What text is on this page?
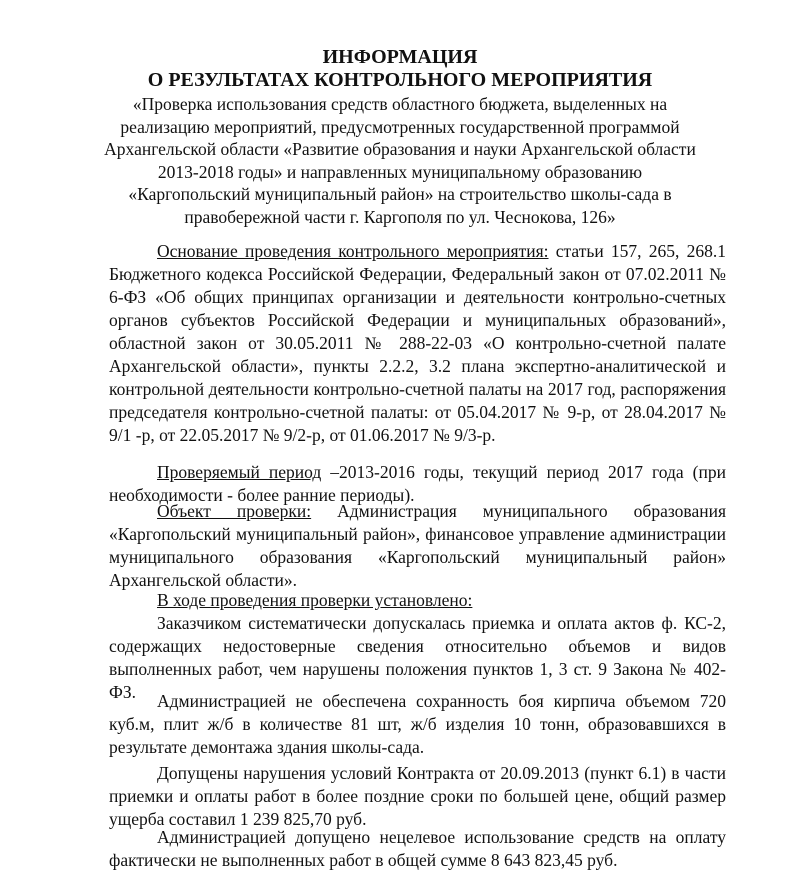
ИНФОРМАЦИЯ
О РЕЗУЛЬТАТАХ КОНТРОЛЬНОГО МЕРОПРИЯТИЯ
«Проверка использования средств областного бюджета, выделенных на реализацию мероприятий, предусмотренных государственной программой Архангельской области «Развитие образования и науки Архангельской области 2013-2018 годы» и направленных муниципальному образованию «Каргопольский муниципальный район» на строительство школы-сада в правобережной части г. Каргополя по ул. Чеснокова, 126»
Основание проведения контрольного мероприятия: статьи 157, 265, 268.1 Бюджетного кодекса Российской Федерации, Федеральный закон от 07.02.2011 № 6-ФЗ «Об общих принципах организации и деятельности контрольно-счетных органов субъектов Российской Федерации и муниципальных образований», областной закон от 30.05.2011 № 288-22-03 «О контрольно-счетной палате Архангельской области», пункты 2.2.2, 3.2 плана экспертно-аналитической и контрольной деятельности контрольно-счетной палаты на 2017 год, распоряжения председателя контрольно-счетной палаты: от 05.04.2017 № 9-р, от 28.04.2017 № 9/1 -р, от 22.05.2017 № 9/2-р, от 01.06.2017 № 9/3-р.
Проверяемый период –2013-2016 годы, текущий период 2017 года (при необходимости - более ранние периоды).
Объект проверки: Администрация муниципального образования «Каргопольский муниципальный район», финансовое управление администрации муниципального образования «Каргопольский муниципальный район» Архангельской области».
В ходе проведения проверки установлено:
Заказчиком систематически допускалась приемка и оплата актов ф. КС-2, содержащих недостоверные сведения относительно объемов и видов выполненных работ, чем нарушены положения пунктов 1, 3 ст. 9 Закона № 402-ФЗ.	Администрацией не обеспечена сохранность боя кирпича объемом 720 куб.м, плит ж/б в количестве 81 шт, ж/б изделия 10 тонн, образовавшихся в результате демонтажа здания школы-сада.
Допущены нарушения условий Контракта от 20.09.2013 (пункт 6.1) в части приемки и оплаты работ в более поздние сроки по большей цене, общий размер ущерба составил 1 239 825,70 руб.
Администрацией допущено нецелевое использование средств на оплату фактически не выполненных работ в общей сумме 8 643 823,45 руб.
